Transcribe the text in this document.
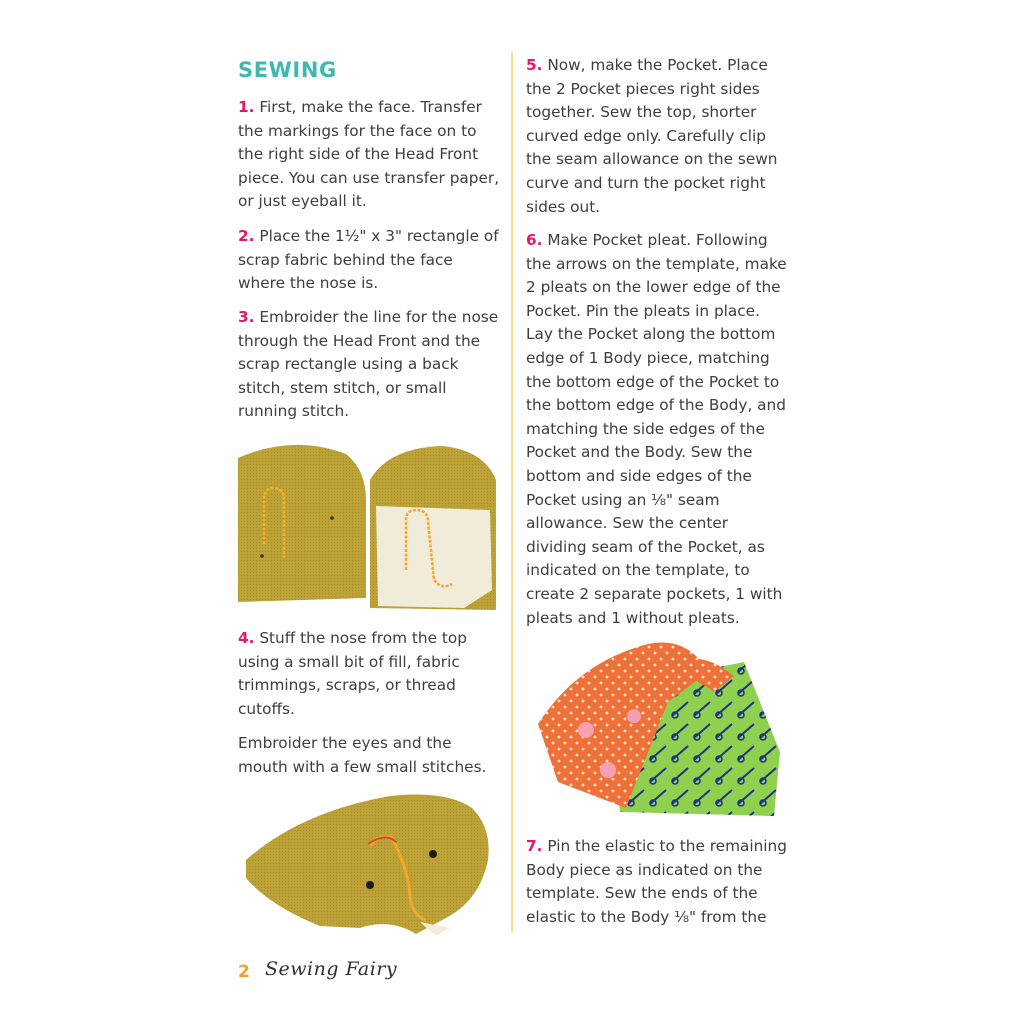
SEWING

1. First, make the face. Transfer the markings for the face on to the right side of the Head Front piece. You can use transfer paper, or just eyeball it.

2. Place the 1½" x 3" rectangle of scrap fabric behind the face where the nose is.

3. Embroider the line for the nose through the Head Front and the scrap rectangle using a back stitch, stem stitch, or small running stitch.

4. Stuff the nose from the top using a small bit of fill, fabric trimmings, scraps, or thread cutoffs.

Embroider the eyes and the mouth with a few small stitches.

5. Now, make the Pocket. Place the 2 Pocket pieces right sides together. Sew the top, shorter curved edge only. Carefully clip the seam allowance on the sewn curve and turn the pocket right sides out.

6. Make Pocket pleat. Following the arrows on the template, make 2 pleats on the lower edge of the Pocket. Pin the pleats in place. Lay the Pocket along the bottom edge of 1 Body piece, matching the bottom edge of the Pocket to the bottom edge of the Body, and matching the side edges of the Pocket and the Body. Sew the bottom and side edges of the Pocket using an ⅛" seam allowance. Sew the center dividing seam of the Pocket, as indicated on the template, to create 2 separate pockets, 1 with pleats and 1 without pleats.

7. Pin the elastic to the remaining Body piece as indicated on the template. Sew the ends of the elastic to the Body ⅛" from the

2 Sewing Fairy
